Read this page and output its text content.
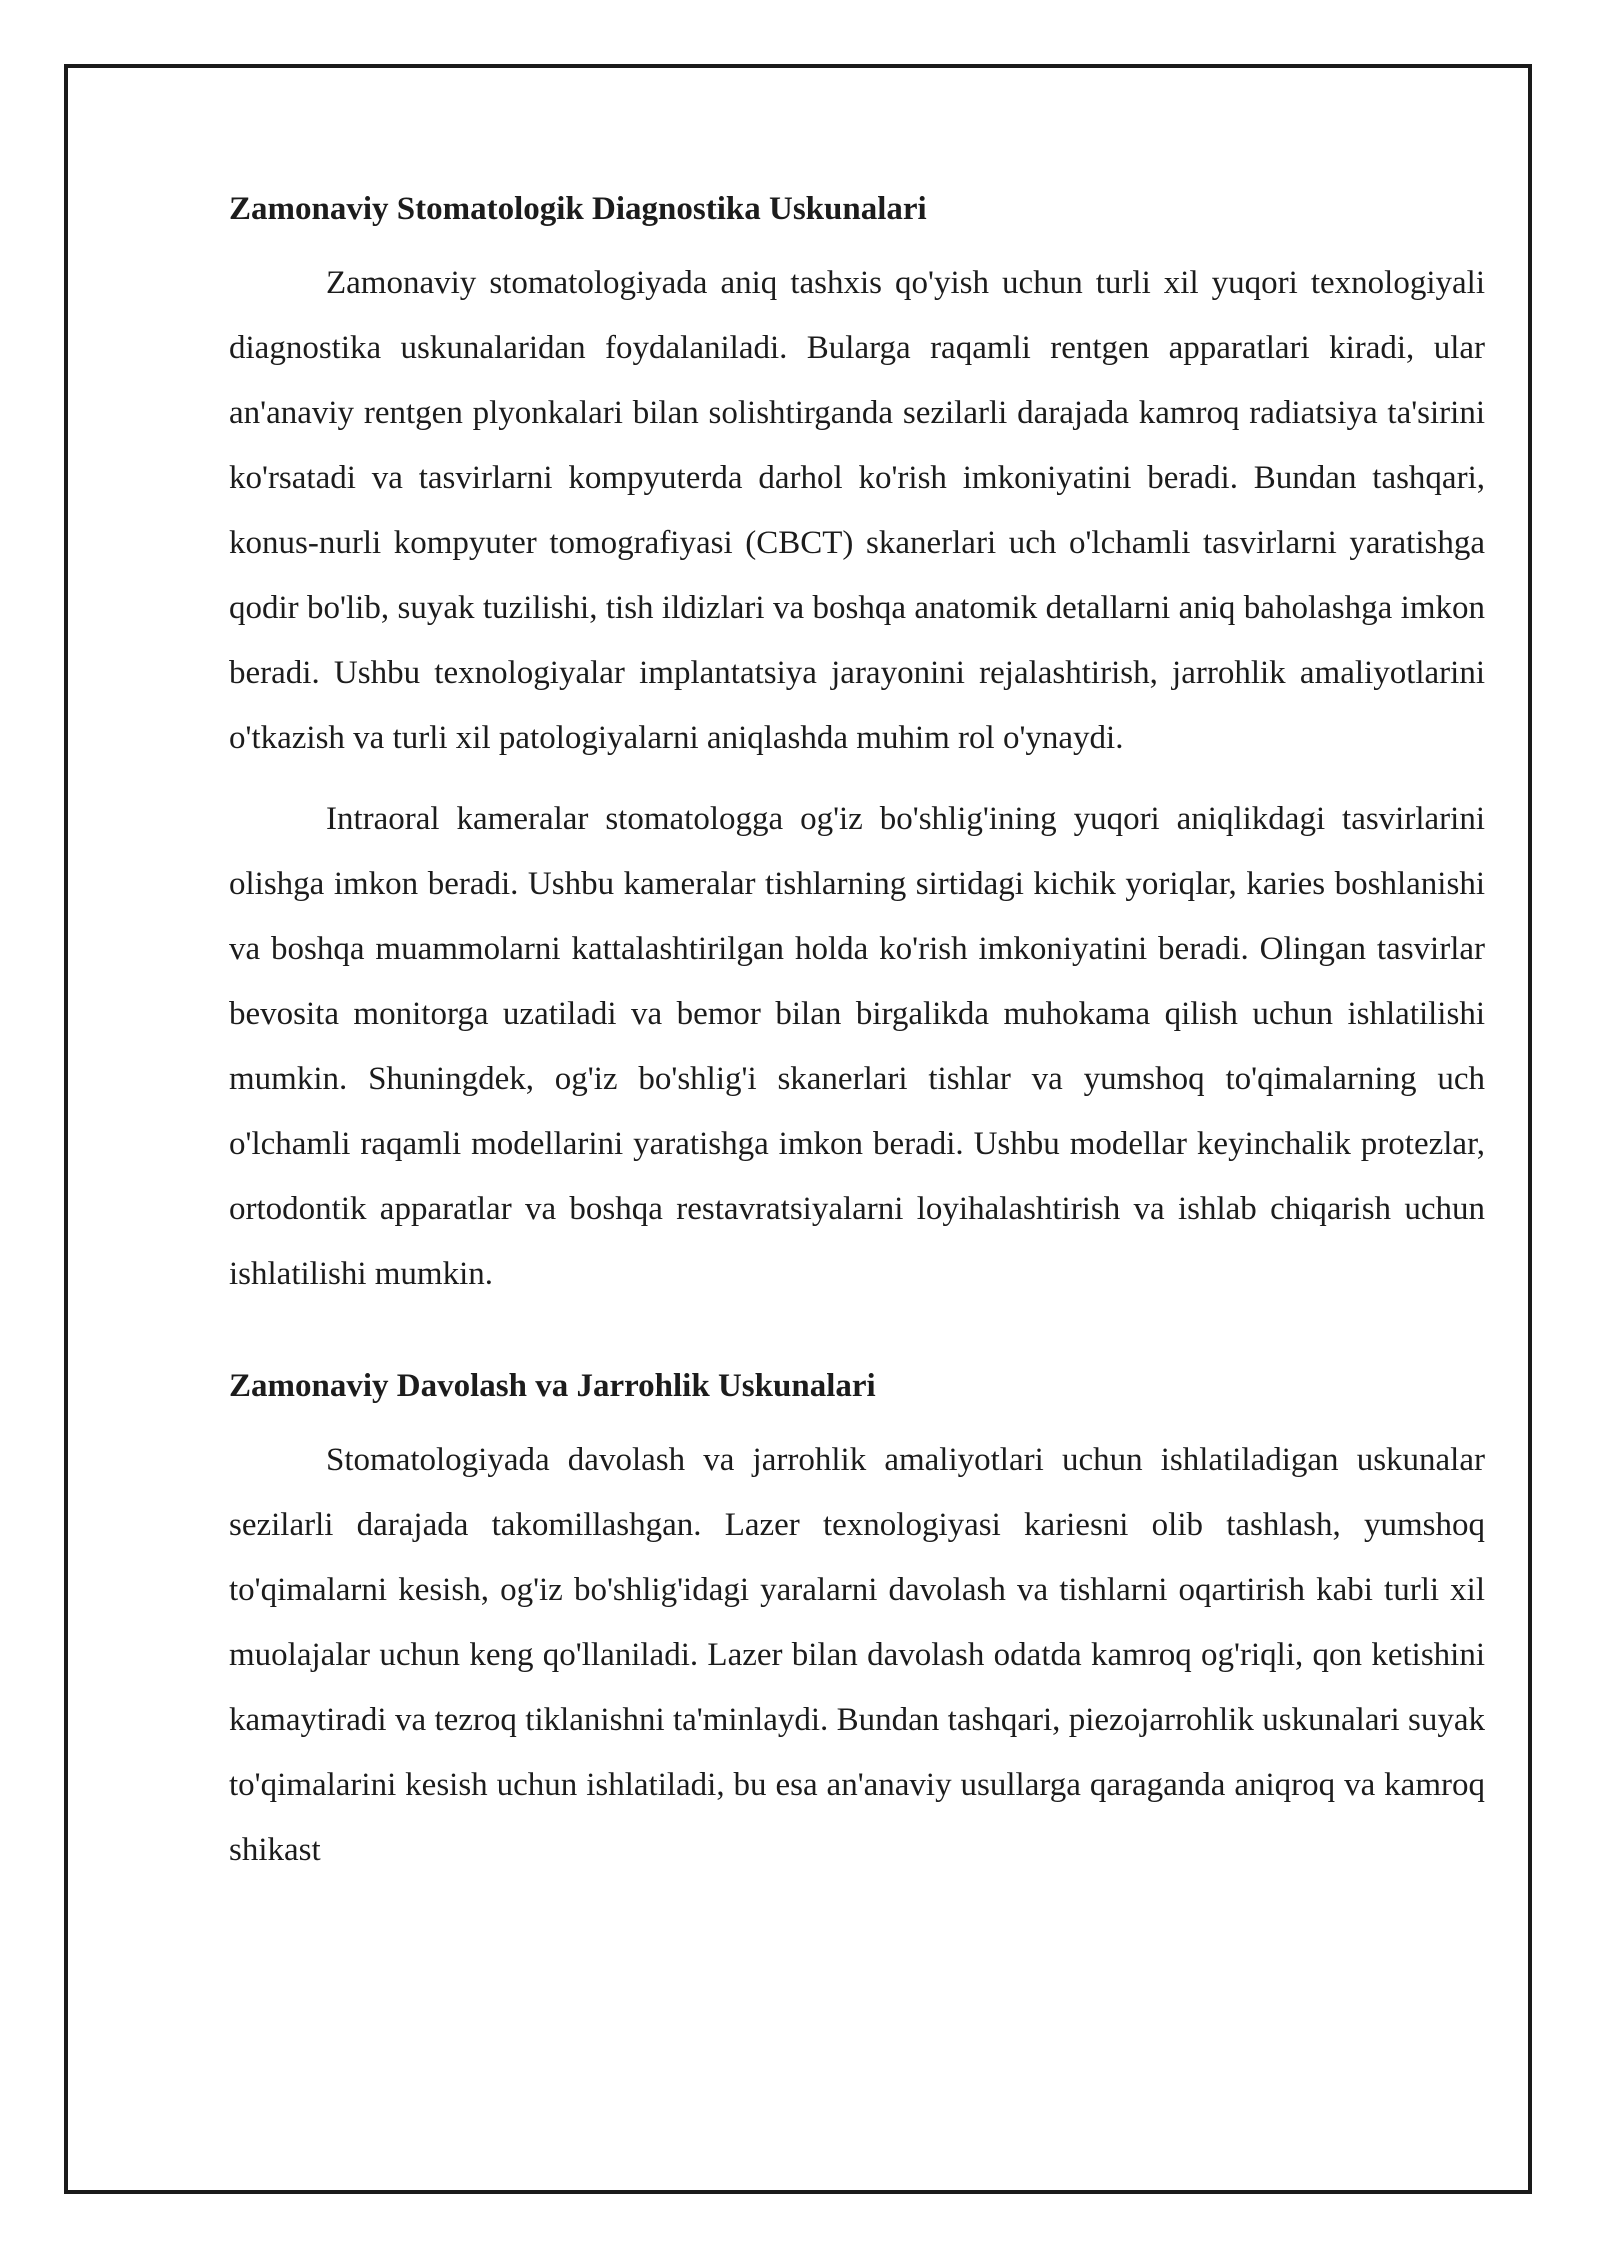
Zamonaviy Stomatologik Diagnostika Uskunalari

Zamonaviy stomatologiyada aniq tashxis qo'yish uchun turli xil yuqori texnologiyali diagnostika uskunalaridan foydalaniladi. Bularga raqamli rentgen apparatlari kiradi, ular an'anaviy rentgen plyonkalari bilan solishtirganda sezilarli darajada kamroq radiatsiya ta'sirini ko'rsatadi va tasvirlarni kompyuterda darhol ko'rish imkoniyatini beradi. Bundan tashqari, konus-nurli kompyuter tomografiyasi (CBCT) skanerlari uch o'lchamli tasvirlarni yaratishga qodir bo'lib, suyak tuzilishi, tish ildizlari va boshqa anatomik detallarni aniq baholashga imkon beradi. Ushbu texnologiyalar implantatsiya jarayonini rejalashtirish, jarrohlik amaliyotlarini o'tkazish va turli xil patologiyalarni aniqlashda muhim rol o'ynaydi.

Intraoral kameralar stomatologga og'iz bo'shlig'ining yuqori aniqlikdagi tasvirlarini olishga imkon beradi. Ushbu kameralar tishlarning sirtidagi kichik yoriqlar, karies boshlanishi va boshqa muammolarni kattalashtirilgan holda ko'rish imkoniyatini beradi. Olingan tasvirlar bevosita monitorga uzatiladi va bemor bilan birgalikda muhokama qilish uchun ishlatilishi mumkin. Shuningdek, og'iz bo'shlig'i skanerlari tishlar va yumshoq to'qimalarning uch o'lchamli raqamli modellarini yaratishga imkon beradi. Ushbu modellar keyinchalik protezlar, ortodontik apparatlar va boshqa restavratsiyalarni loyihalashtirish va ishlab chiqarish uchun ishlatilishi mumkin.

Zamonaviy Davolash va Jarrohlik Uskunalari

Stomatologiyada davolash va jarrohlik amaliyotlari uchun ishlatiladigan uskunalar sezilarli darajada takomillashgan. Lazer texnologiyasi kariesni olib tashlash, yumshoq to'qimalarni kesish, og'iz bo'shlig'idagi yaralarni davolash va tishlarni oqartirish kabi turli xil muolajalar uchun keng qo'llaniladi. Lazer bilan davolash odatda kamroq og'riqli, qon ketishini kamaytiradi va tezroq tiklanishni ta'minlaydi. Bundan tashqari, piezojarrohlik uskunalari suyak to'qimalarini kesish uchun ishlatiladi, bu esa an'anaviy usullarga qaraganda aniqroq va kamroq shikast
